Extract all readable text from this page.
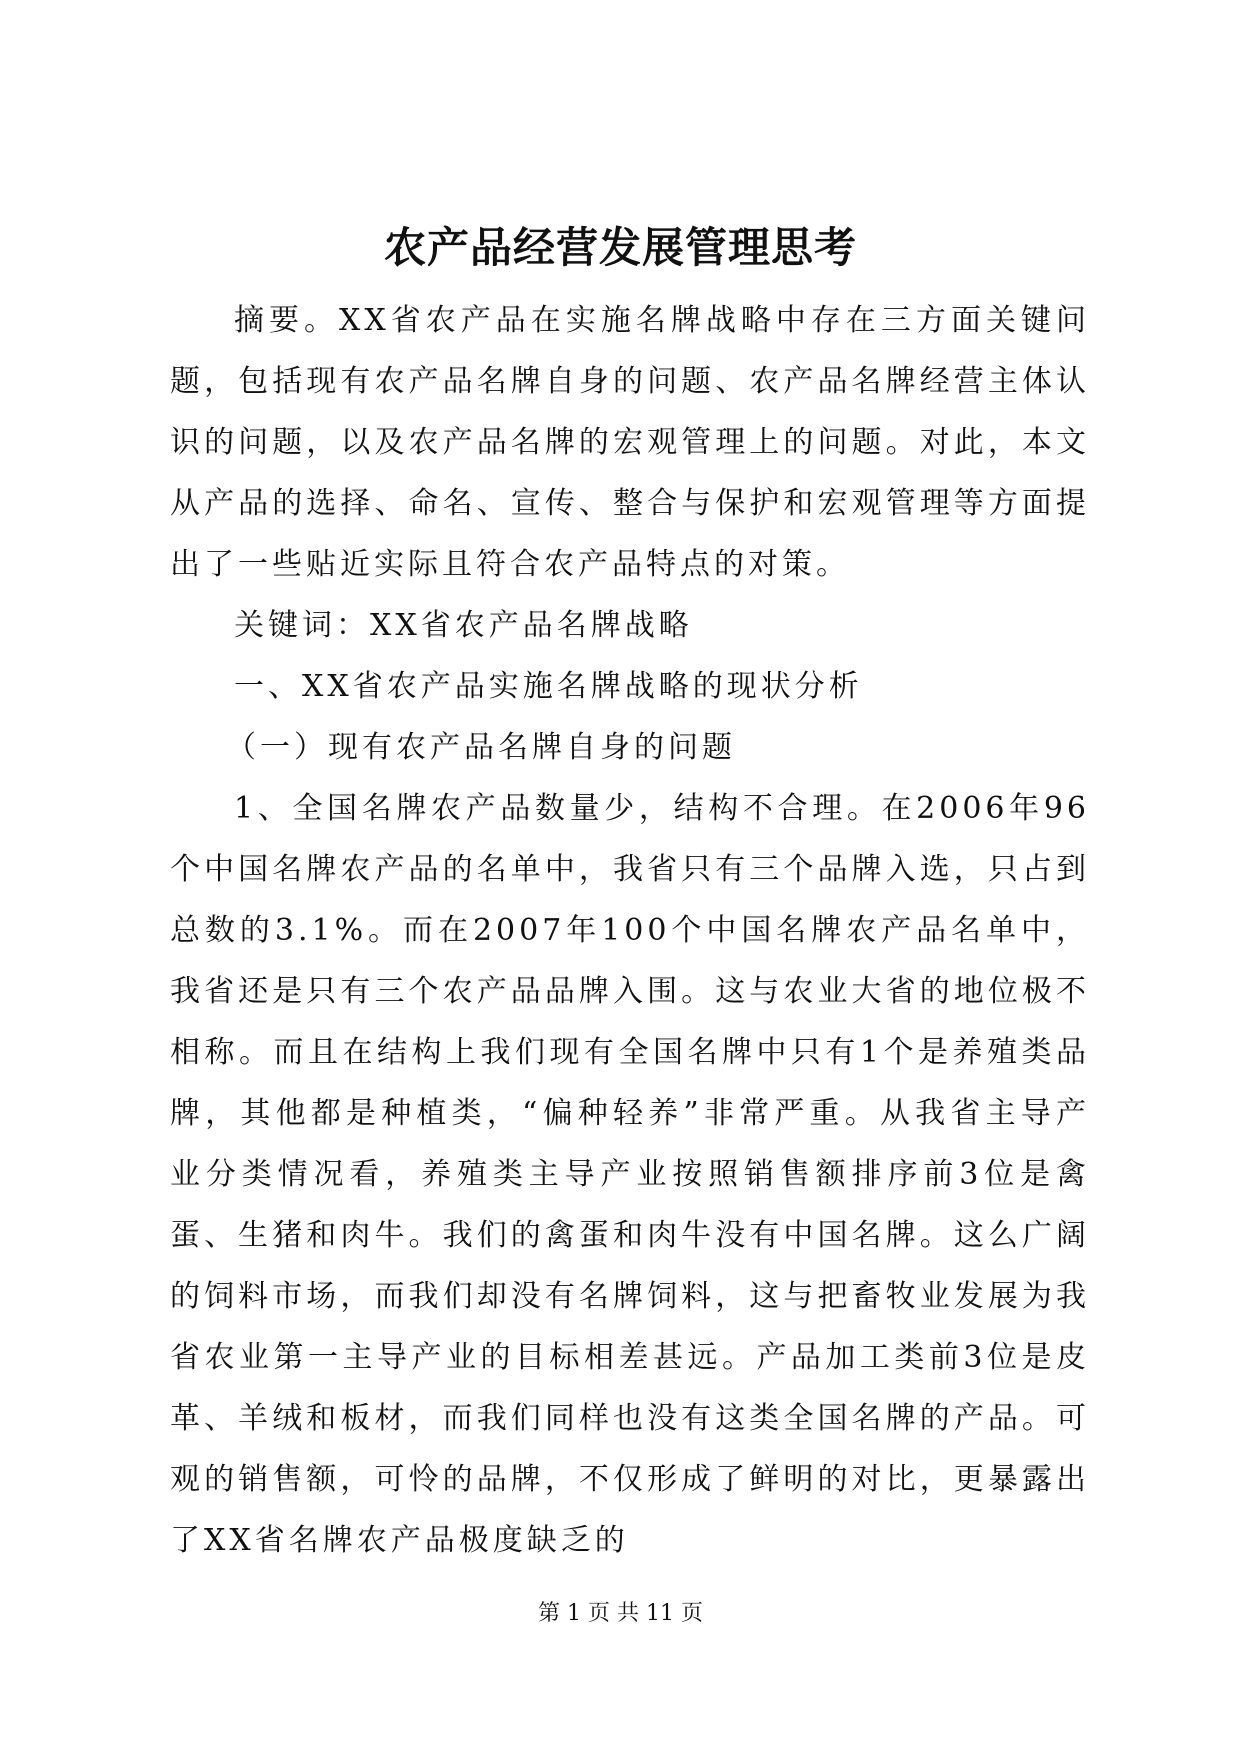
农产品经营发展管理思考

摘要。XX省农产品在实施名牌战略中存在三方面关键问题，包括现有农产品名牌自身的问题、农产品名牌经营主体认识的问题，以及农产品名牌的宏观管理上的问题。对此，本文从产品的选择、命名、宣传、整合与保护和宏观管理等方面提出了一些贴近实际且符合农产品特点的对策。

关键词：XX省农产品名牌战略

一、XX省农产品实施名牌战略的现状分析

（一）现有农产品名牌自身的问题

1、全国名牌农产品数量少，结构不合理。在2006年96个中国名牌农产品的名单中，我省只有三个品牌入选，只占到总数的3.1%。而在2007年100个中国名牌农产品名单中，我省还是只有三个农产品品牌入围。这与农业大省的地位极不相称。而且在结构上我们现有全国名牌中只有1个是养殖类品牌，其他都是种植类，“偏种轻养”非常严重。从我省主导产业分类情况看，养殖类主导产业按照销售额排序前3位是禽蛋、生猪和肉牛。我们的禽蛋和肉牛没有中国名牌。这么广阔的饲料市场，而我们却没有名牌饲料，这与把畜牧业发展为我省农业第一主导产业的目标相差甚远。产品加工类前3位是皮革、羊绒和板材，而我们同样也没有这类全国名牌的产品。可观的销售额，可怜的品牌，不仅形成了鲜明的对比，更暴露出了XX省名牌农产品极度缺乏的

第 1 页 共 11 页
